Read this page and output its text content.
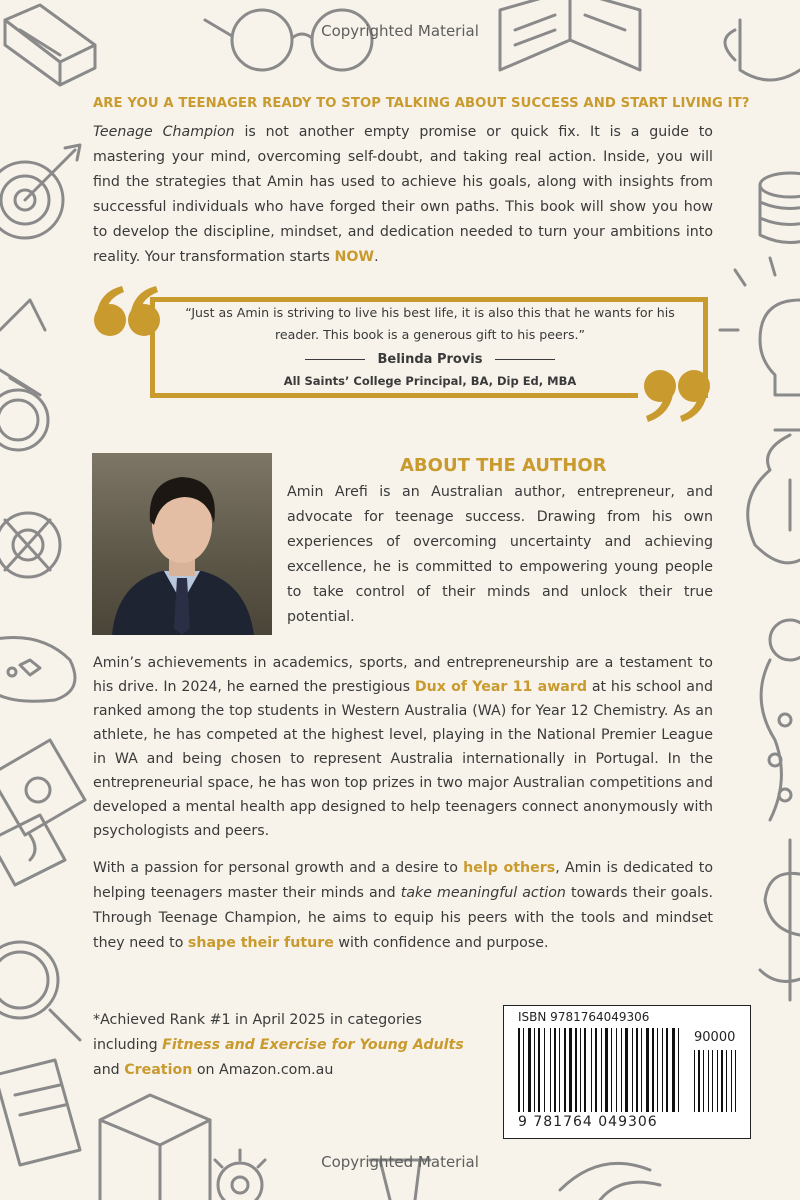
Copyrighted Material
ARE YOU A TEENAGER READY TO STOP TALKING ABOUT SUCCESS AND START LIVING IT?
Teenage Champion is not another empty promise or quick fix. It is a guide to mastering your mind, overcoming self-doubt, and taking real action. Inside, you will find the strategies that Amin has used to achieve his goals, along with insights from successful individuals who have forged their own paths. This book will show you how to develop the discipline, mindset, and dedication needed to turn your ambitions into reality. Your transformation starts NOW.
“Just as Amin is striving to live his best life, it is also this that he wants for his reader. This book is a generous gift to his peers.”
Belinda Provis
All Saints’ College Principal, BA, Dip Ed, MBA
ABOUT THE AUTHOR
Amin Arefi is an Australian author, entrepreneur, and advocate for teenage success. Drawing from his own experiences of overcoming uncertainty and achieving excellence, he is committed to empowering young people to take control of their minds and unlock their true potential.
Amin’s achievements in academics, sports, and entrepreneurship are a testament to his drive. In 2024, he earned the prestigious Dux of Year 11 award at his school and ranked among the top students in Western Australia (WA) for Year 12 Chemistry. As an athlete, he has competed at the highest level, playing in the National Premier League in WA and being chosen to represent Australia internationally in Portugal. In the entrepreneurial space, he has won top prizes in two major Australian competitions and developed a mental health app designed to help teenagers connect anonymously with psychologists and peers.
With a passion for personal growth and a desire to help others, Amin is dedicated to helping teenagers master their minds and take meaningful action towards their goals. Through Teenage Champion, he aims to equip his peers with the tools and mindset they need to shape their future with confidence and purpose.
*Achieved Rank #1 in April 2025 in categories including Fitness and Exercise for Young Adults and Creation on Amazon.com.au
ISBN 9781764049306
90000
9 781764 049306
Copyrighted Material
